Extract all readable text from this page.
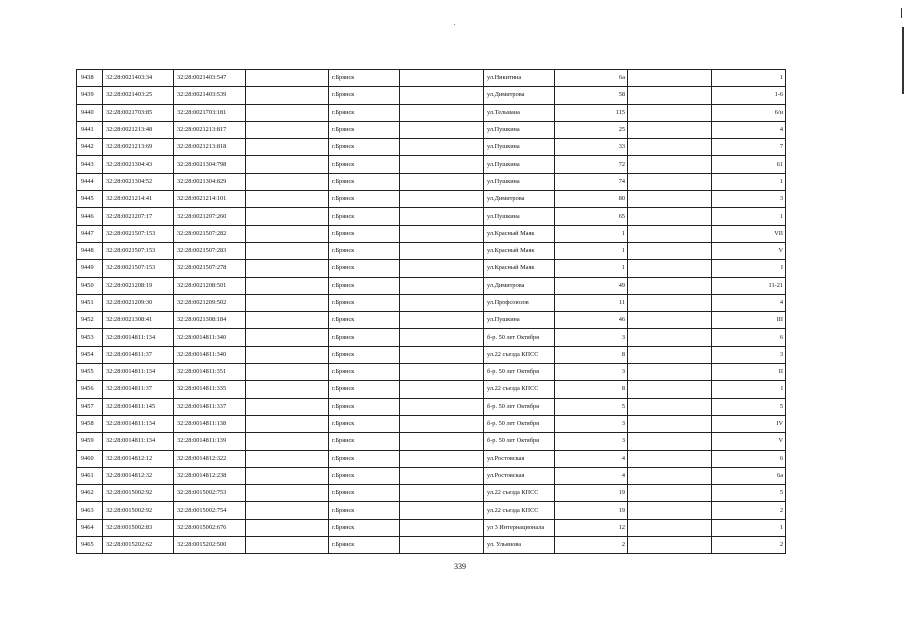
9438	32:28:0021403:34	32:28:0021403:547		г.Брянск		ул.Никитина	6а		1
9439	32:28:0021403:25	32:28:0021403:539		г.Брянск		ул.Димитрова	58		1-6
9440	32:28:0021703:85	32:28:0021703:181		г.Брянск		ул.Тельмана	115		6/н
9441	32:28:0021213:48	32:28:0021213:817		г.Брянск		ул.Пушкина	25		4
9442	32:28:0021213:69	32:28:0021213:818		г.Брянск		ул.Пушкина	33		7
9443	32:28:0021304:43	32:28:0021304:798		г.Брянск		ул.Пушкина	72		61
9444	32:28:0021304:52	32:28:0021304:829		г.Брянск		ул.Пушкина	74		1
9445	32:28:0021214:41	32:28:0021214:101		г.Брянск		ул.Димитрова	80		3
9446	32:28:0021207:17	32:28:0021207:260		г.Брянск		ул.Пушкина	65		1
9447	32:28:0021507:153	32:28:0021507:282		г.Брянск		ул.Красный Маяк	1		VII
9448	32:28:0021507:153	32:28:0021507:283		г.Брянск		ул.Красный Маяк	1		V
9449	32:28:0021507:153	32:28:0021507:278		г.Брянск		ул.Красный Маяк	1		I
9450	32:28:0021208:19	32:28:0021208:501		г.Брянск		ул.Димитрова	49		11-21
9451	32:28:0021209:30	32:28:0021209:502		г.Брянск		ул.Профсоюзов	11		4
9452	32:28:0021308:41	32:28:0021308:184		г.Брянск		ул.Пушкина	46		III
9453	32:28:0014811:134	32:28:0014811:340		г.Брянск		б-р. 50 лет Октября	3		6
9454	32:28:0014811:37	32:28:0014811:340		г.Брянск		ул.22 съезда КПСС	8		3
9455	32:28:0014811:134	32:28:0014811:351		г.Брянск		б-р. 50 лет Октября	3		II
9456	32:28:0014811:37	32:28:0014811:335		г.Брянск		ул.22 съезда КПСС	8		I
9457	32:28:0014811:145	32:28:0014811:337		г.Брянск		б-р. 50 лет Октября	5		5
9458	32:28:0014811:134	32:28:0014811:138		г.Брянск		б-р. 50 лет Октября	3		IV
9459	32:28:0014811:134	32:28:0014811:139		г.Брянск		б-р. 50 лет Октября	3		V
9460	32:28:0014812:12	32:28:0014812:322		г.Брянск		ул.Ростовская	4		6
9461	32:28:0014812:32	32:28:0014812:238		г.Брянск		ул.Ростовская	4		6а
9462	32:28:0015002:92	32:28:0015002:753		г.Брянск		ул.22 съезда КПСС	19		5
9463	32:28:0015002:92	32:28:0015002:754		г.Брянск		ул.22 съезда КПСС	19		2
9464	32:28:0015002:83	32:28:0015002:676		г.Брянск		ул 3 Интернационала	12		1
9465	32:28:0015202:62	32:28:0015202:500		г.Брянск		ул. Ульянова	2		2
339
